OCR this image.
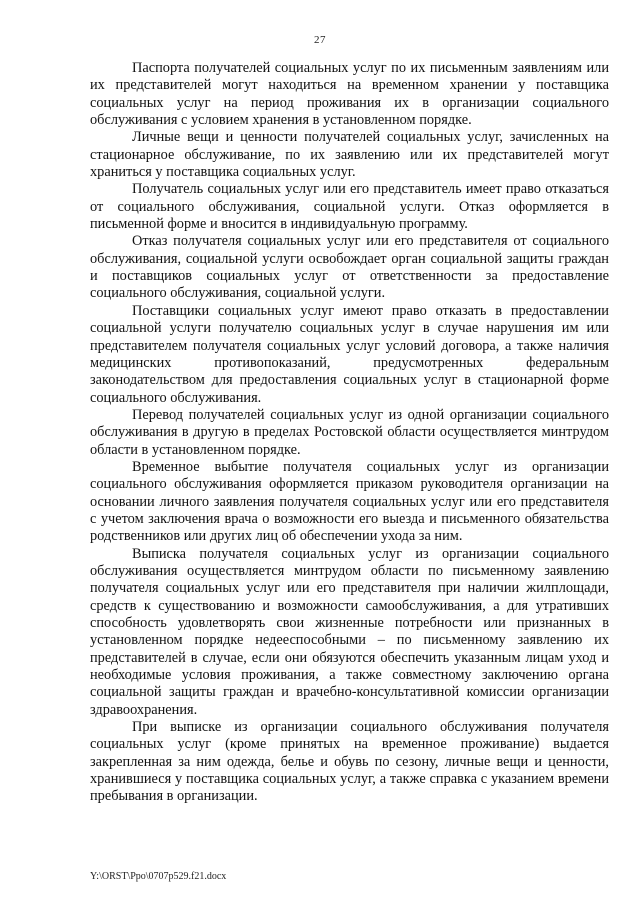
27

Паспорта получателей социальных услуг по их письменным заявлениям или их представителей могут находиться на временном хранении у поставщика социальных услуг на период проживания их в организации социального обслуживания с условием хранения в установленном порядке.

Личные вещи и ценности получателей социальных услуг, зачисленных на стационарное обслуживание, по их заявлению или их представителей могут храниться у поставщика социальных услуг.

Получатель социальных услуг или его представитель имеет право отказаться от социального обслуживания, социальной услуги. Отказ оформляется в письменной форме и вносится в индивидуальную программу.

Отказ получателя социальных услуг или его представителя от социального обслуживания, социальной услуги освобождает орган социальной защиты граждан и поставщиков социальных услуг от ответственности за предоставление социального обслуживания, социальной услуги.

Поставщики социальных услуг имеют право отказать в предоставлении социальной услуги получателю социальных услуг в случае нарушения им или представителем получателя социальных услуг условий договора, а также наличия медицинских противопоказаний, предусмотренных федеральным законодательством для предоставления социальных услуг в стационарной форме социального обслуживания.

Перевод получателей социальных услуг из одной организации социального обслуживания в другую в пределах Ростовской области осуществляется минтрудом области в установленном порядке.

Временное выбытие получателя социальных услуг из организации социального обслуживания оформляется приказом руководителя организации на основании личного заявления получателя социальных услуг или его представителя с учетом заключения врача о возможности его выезда и письменного обязательства родственников или других лиц об обеспечении ухода за ним.

Выписка получателя социальных услуг из организации социального обслуживания осуществляется минтрудом области по письменному заявлению получателя социальных услуг или его представителя при наличии жилплощади, средств к существованию и возможности самообслуживания, а для утративших способность удовлетворять свои жизненные потребности или признанных в установленном порядке недееспособными – по письменному заявлению их представителей в случае, если они обязуются обеспечить указанным лицам уход и необходимые условия проживания, а также совместному заключению органа социальной защиты граждан и врачебно-консультативной комиссии организации здравоохранения.

При выписке из организации социального обслуживания получателя социальных услуг (кроме принятых на временное проживание) выдается закрепленная за ним одежда, белье и обувь по сезону, личные вещи и ценности, хранившиеся у поставщика социальных услуг, а также справка с указанием времени пребывания в организации.

Y:\ORST\Ppo\0707p529.f21.docx
